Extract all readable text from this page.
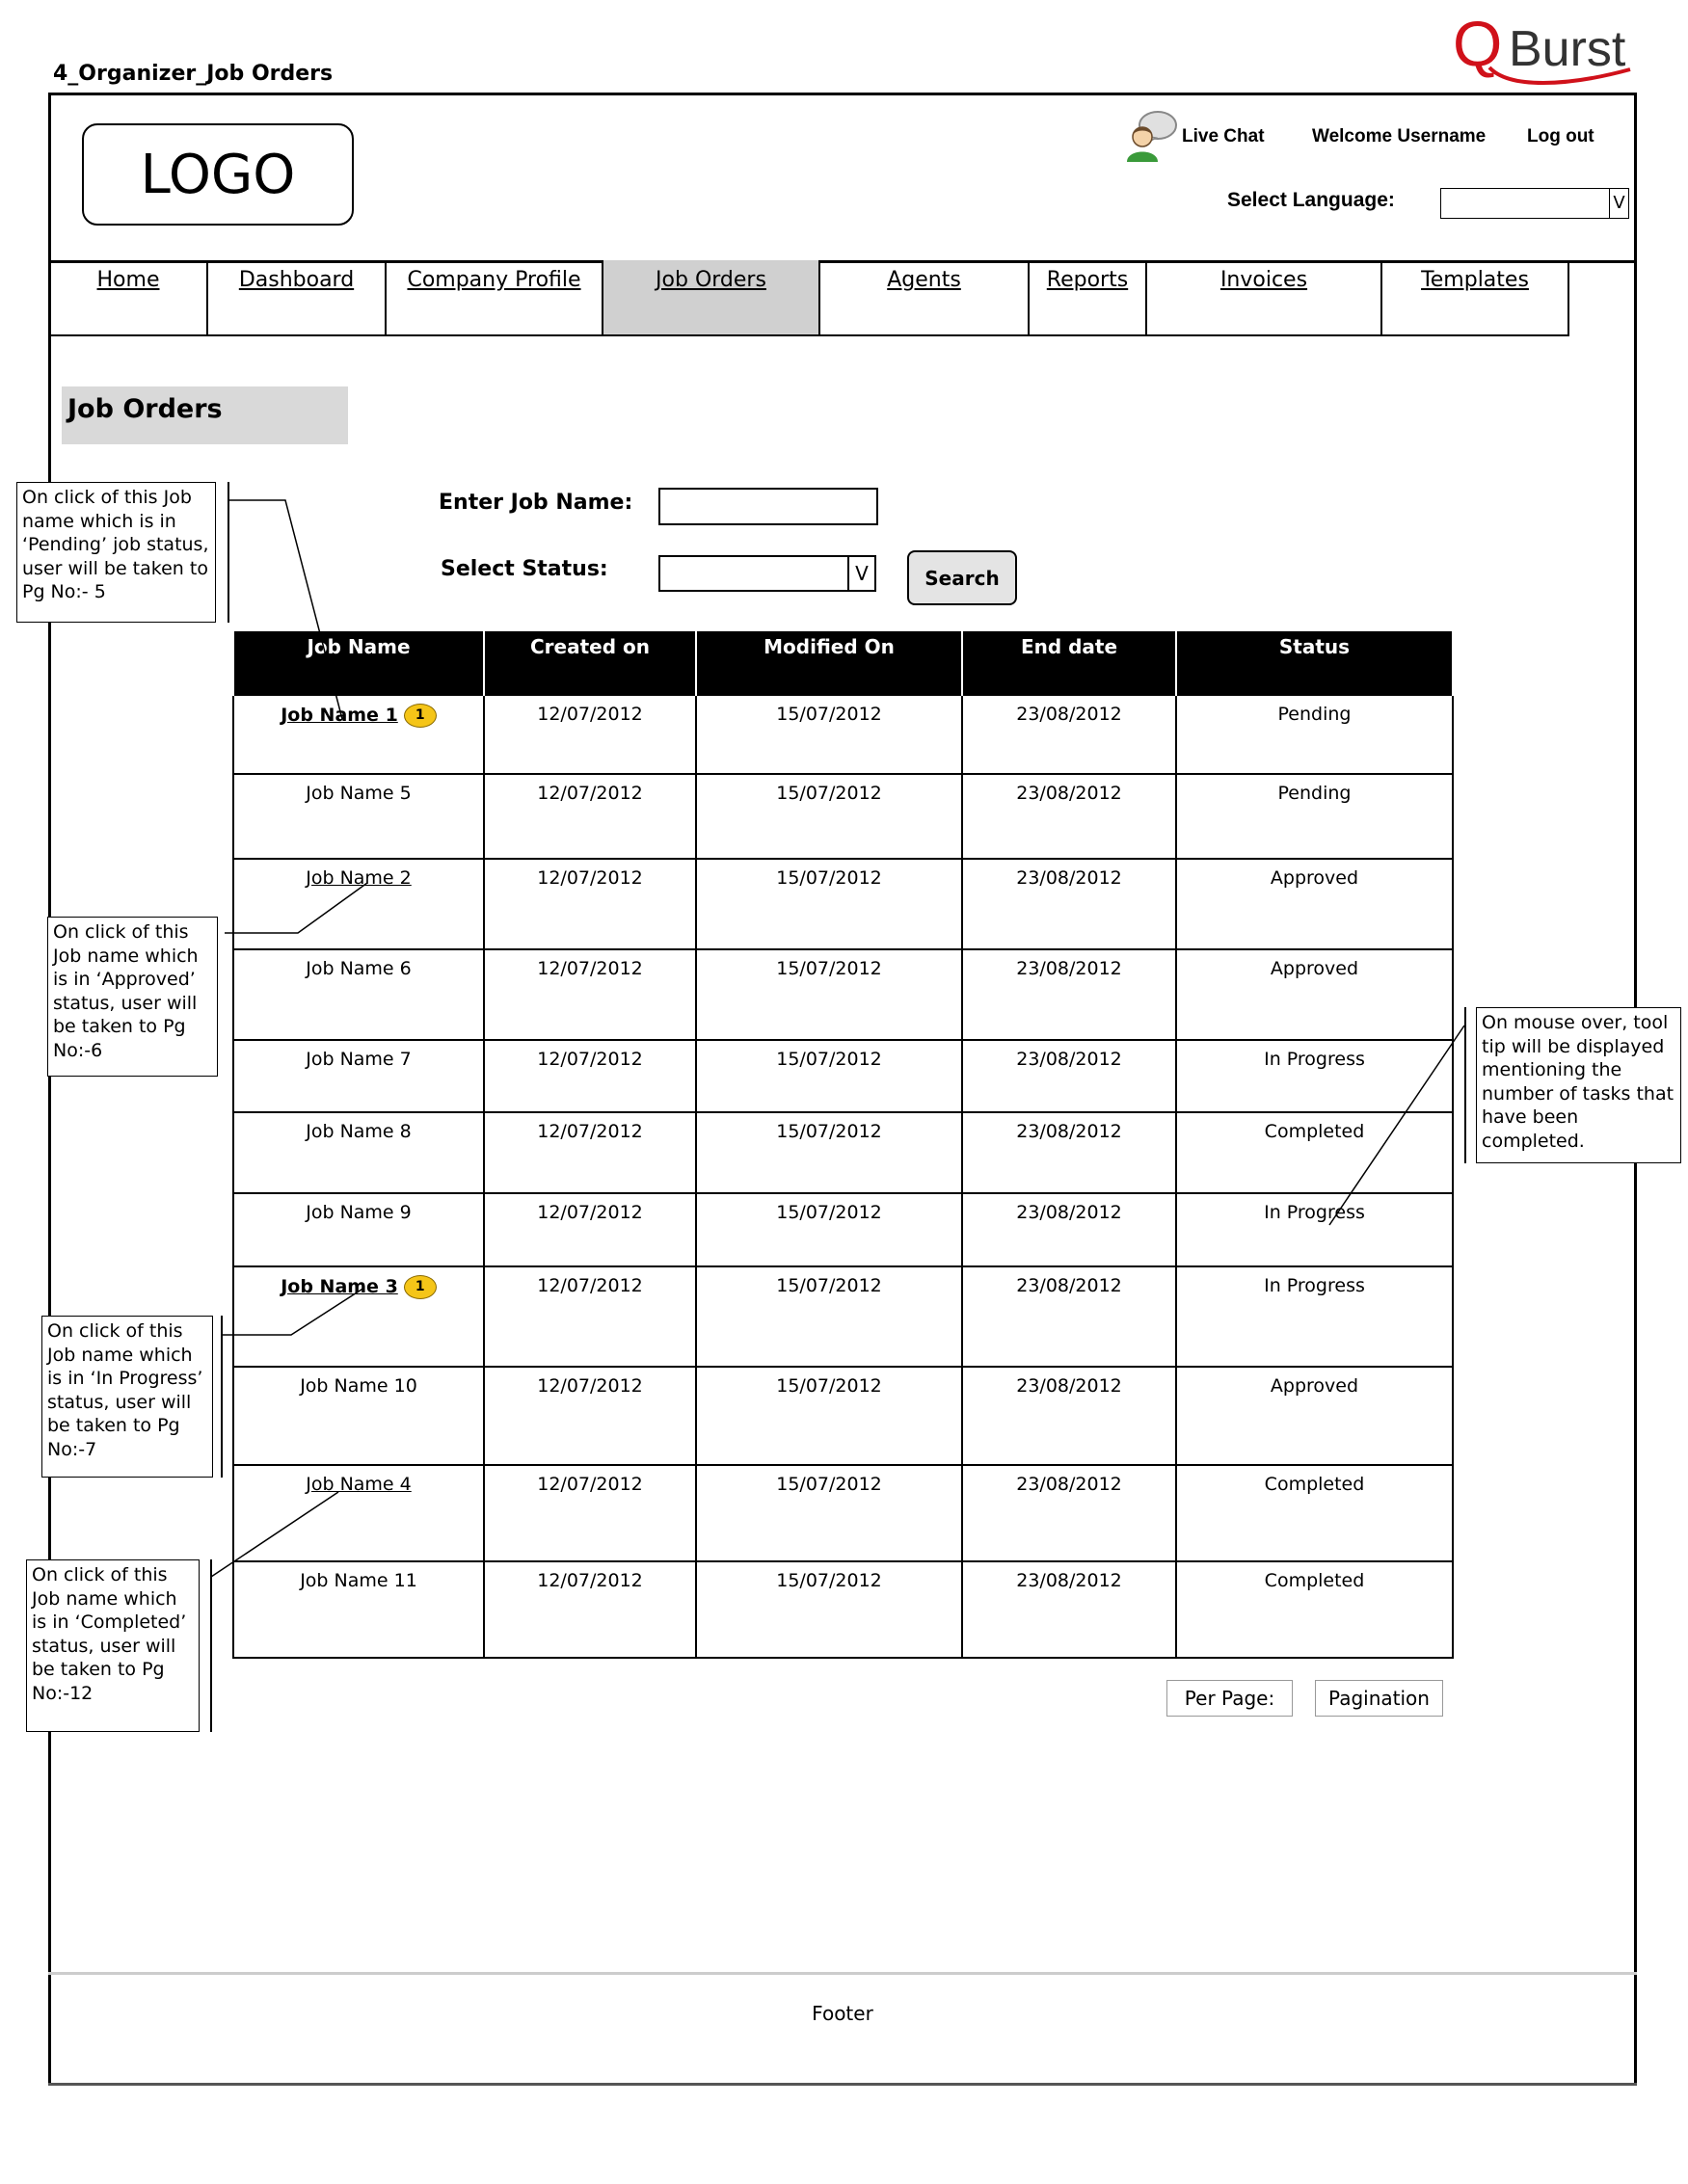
4_Organizer_Job Orders	Q Burst
LOGO
Live Chat	Welcome Username Log out
Select Language:	V
Home	Dashboard	Company Profile	Job Orders	Agents	Reports	Invoices	Templates
Job Orders
Enter Job Name:
Select Status:	V	Search
Job Name	Created on	Modified On	End date	Status
Job Name 1 1	12/07/2012	15/07/2012	23/08/2012	Pending
Job Name 5	12/07/2012	15/07/2012	23/08/2012	Pending
Job Name 2	12/07/2012	15/07/2012	23/08/2012	Approved
Job Name 6	12/07/2012	15/07/2012	23/08/2012	Approved
Job Name 7	12/07/2012	15/07/2012	23/08/2012	In Progress
Job Name 8	12/07/2012	15/07/2012	23/08/2012	Completed
Job Name 9	12/07/2012	15/07/2012	23/08/2012	In Progress
Job Name 3 1	12/07/2012	15/07/2012	23/08/2012	In Progress
Job Name 10	12/07/2012	15/07/2012	23/08/2012	Approved
Job Name 4	12/07/2012	15/07/2012	23/08/2012	Completed
Job Name 11	12/07/2012	15/07/2012	23/08/2012	Completed
Per Page:	Pagination
On click of this Job name which is in ‘Pending’ job status, user will be taken to Pg No:- 5
On click of this Job name which is in ‘Approved’ status, user will be taken to Pg No:-6
On click of this Job name which is in ‘In Progress’ status, user will be taken to Pg No:-7
On click of this Job name which is in ‘Completed’ status, user will be taken to Pg No:-12
On mouse over, tool tip will be displayed mentioning the number of tasks that have been completed.
Footer
